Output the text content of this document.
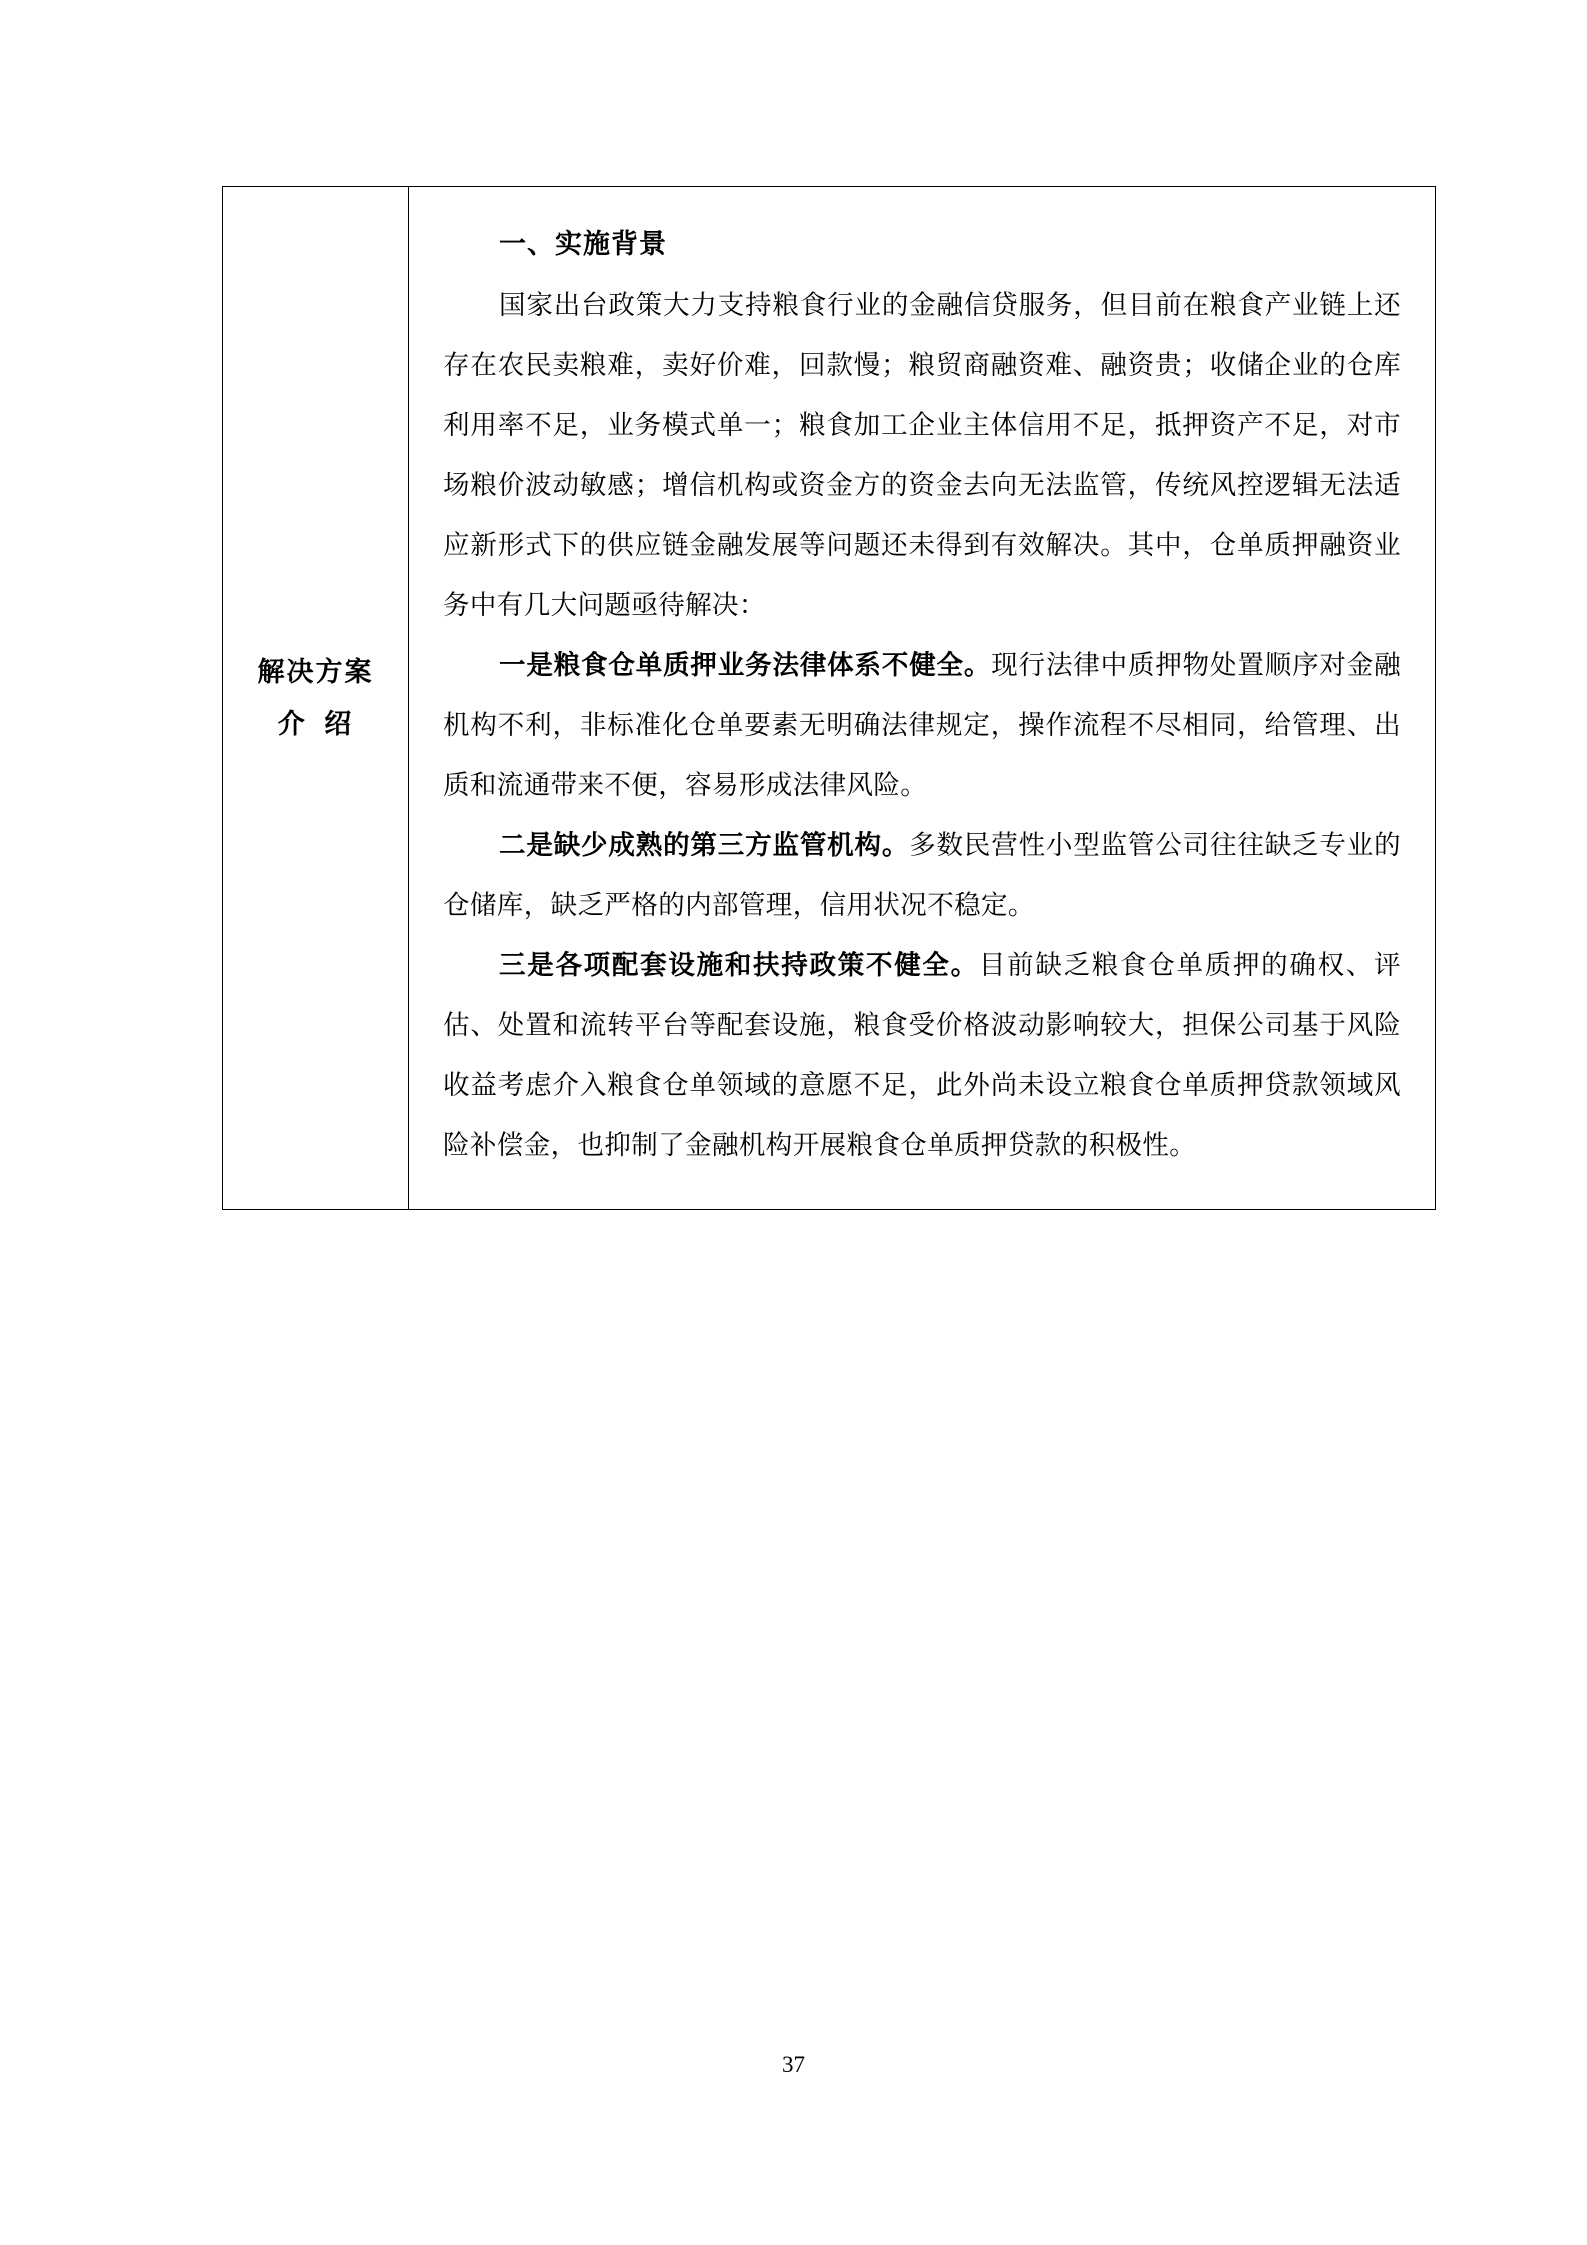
解决方案
介  绍

一、实施背景

国家出台政策大力支持粮食行业的金融信贷服务，但目前在粮食产业链上还存在农民卖粮难，卖好价难，回款慢；粮贸商融资难、融资贵；收储企业的仓库利用率不足，业务模式单一；粮食加工企业主体信用不足，抵押资产不足，对市场粮价波动敏感；增信机构或资金方的资金去向无法监管，传统风控逻辑无法适应新形式下的供应链金融发展等问题还未得到有效解决。其中，仓单质押融资业务中有几大问题亟待解决：

一是粮食仓单质押业务法律体系不健全。现行法律中质押物处置顺序对金融机构不利，非标准化仓单要素无明确法律规定，操作流程不尽相同，给管理、出质和流通带来不便，容易形成法律风险。

二是缺少成熟的第三方监管机构。多数民营性小型监管公司往往缺乏专业的仓储库，缺乏严格的内部管理，信用状况不稳定。

三是各项配套设施和扶持政策不健全。目前缺乏粮食仓单质押的确权、评估、处置和流转平台等配套设施，粮食受价格波动影响较大，担保公司基于风险收益考虑介入粮食仓单领域的意愿不足，此外尚未设立粮食仓单质押贷款领域风险补偿金，也抑制了金融机构开展粮食仓单质押贷款的积极性。

37
